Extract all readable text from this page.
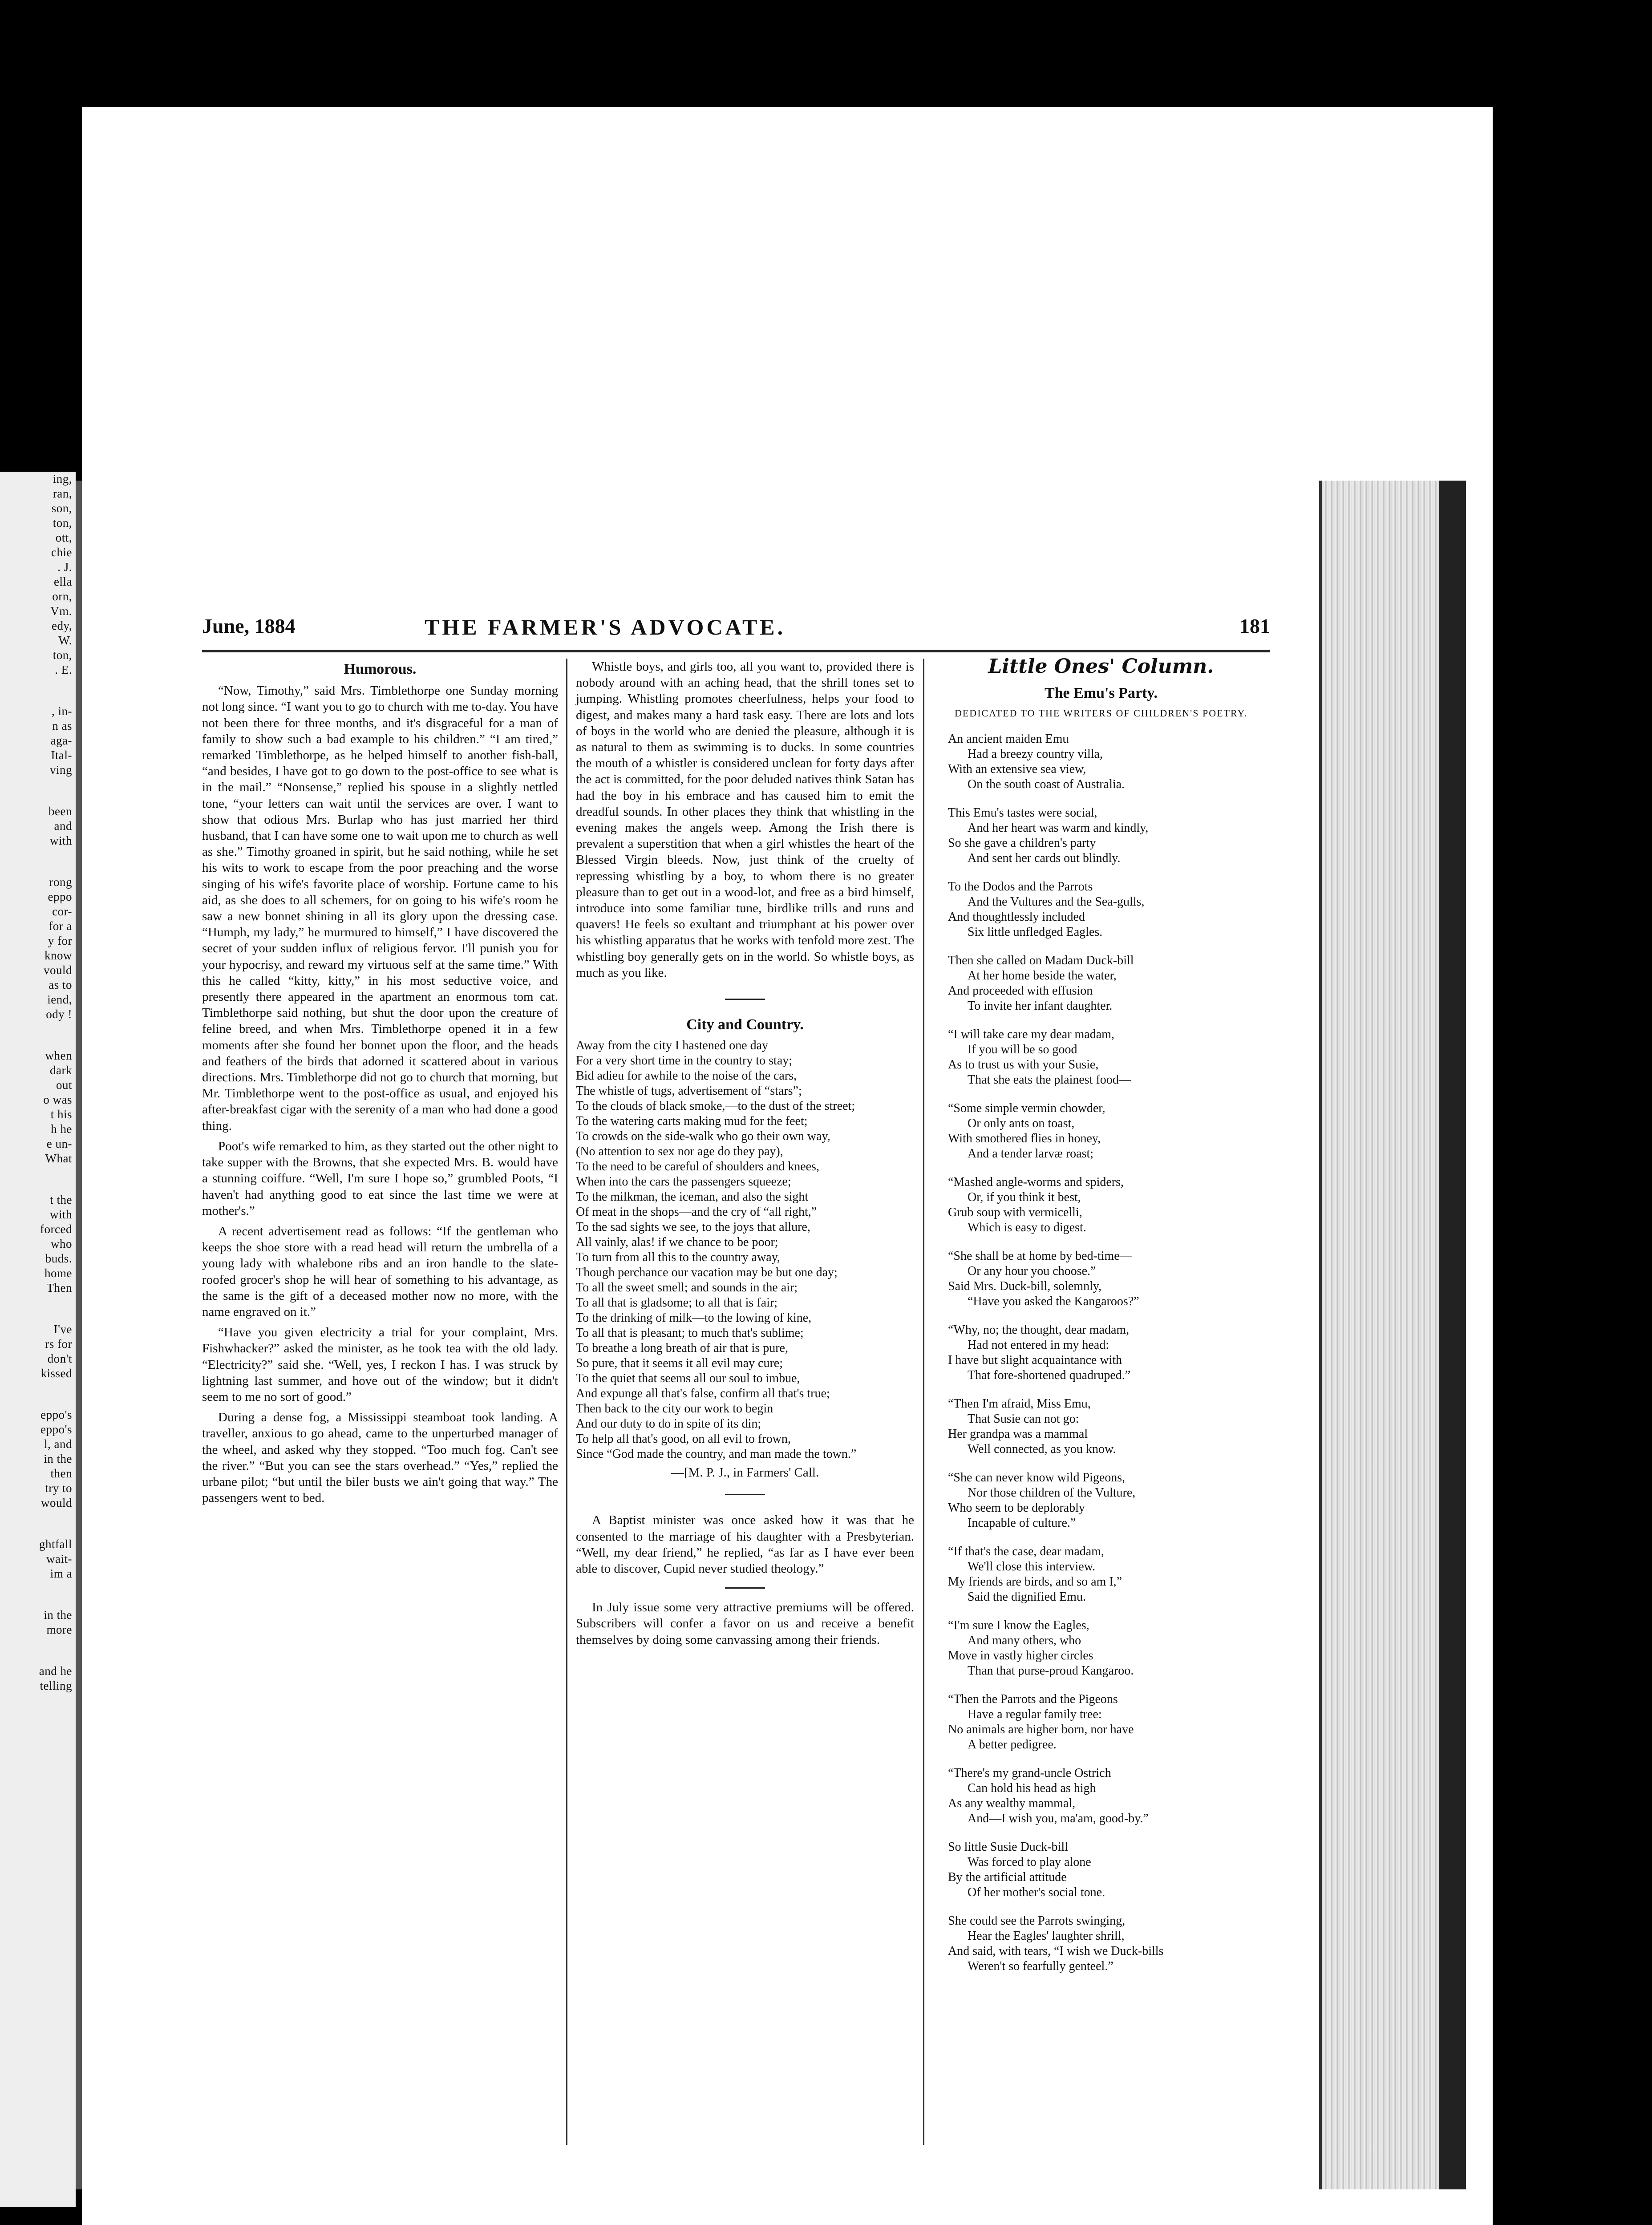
ing,
ran,
son,
ton,
ott,
chie
. J.
ella
orn,
Vm.
edy,
W.
ton,
. E.
, in-
n as
aga-
Ital-
ving
been
and
with
rong
eppo
cor-
for a
y for
know
vould
as to
iend,
ody !
when
dark
out
o was
t his
h he
e un-
What
t the
with
forced
who
buds.
home
Then
I've
rs for
don't
kissed
eppo's
eppo's
l, and
in the
then
try to
would
ghtfall
wait-
im a
in the
more
and he
telling
June, 1884	THE FARMER'S ADVOCATE.	181
Humorous.

“Now, Timothy,” said Mrs. Timblethorpe one Sunday morning not long since. “I want you to go to church with me to-day. You have not been there for three months, and it's disgraceful for a man of family to show such a bad example to his children.” “I am tired,” remarked Timblethorpe, as he helped himself to another fish-ball, “and besides, I have got to go down to the post-office to see what is in the mail.” “Nonsense,” replied his spouse in a slightly nettled tone, “your letters can wait until the services are over. I want to show that odious Mrs. Burlap who has just married her third husband, that I can have some one to wait upon me to church as well as she.” Timothy groaned in spirit, but he said nothing, while he set his wits to work to escape from the poor preaching and the worse singing of his wife's favorite place of worship. Fortune came to his aid, as she does to all schemers, for on going to his wife's room he saw a new bonnet shining in all its glory upon the dressing case. “Humph, my lady,” he murmured to himself,” I have discovered the secret of your sudden influx of religious fervor. I'll punish you for your hypocrisy, and reward my virtuous self at the same time.” With this he called “kitty, kitty,” in his most seductive voice, and presently there appeared in the apartment an enormous tom cat. Timblethorpe said nothing, but shut the door upon the creature of feline breed, and when Mrs. Timblethorpe opened it in a few moments after she found her bonnet upon the floor, and the heads and feathers of the birds that adorned it scattered about in various directions. Mrs. Timblethorpe did not go to church that morning, but Mr. Timblethorpe went to the post-office as usual, and enjoyed his after-breakfast cigar with the serenity of a man who had done a good thing.

Poot's wife remarked to him, as they started out the other night to take supper with the Browns, that she expected Mrs. B. would have a stunning coiffure. “Well, I'm sure I hope so,” grumbled Poots, “I haven't had anything good to eat since the last time we were at mother's.”

A recent advertisement read as follows: “If the gentleman who keeps the shoe store with a read head will return the umbrella of a young lady with whalebone ribs and an iron handle to the slate-roofed grocer's shop he will hear of something to his advantage, as the same is the gift of a deceased mother now no more, with the name engraved on it.”

“Have you given electricity a trial for your complaint, Mrs. Fishwhacker?” asked the minister, as he took tea with the old lady. “Electricity?” said she. “Well, yes, I reckon I has. I was struck by lightning last summer, and hove out of the window; but it didn't seem to me no sort of good.”

During a dense fog, a Mississippi steamboat took landing. A traveller, anxious to go ahead, came to the unperturbed manager of the wheel, and asked why they stopped. “Too much fog. Can't see the river.” “But you can see the stars overhead.” “Yes,” replied the urbane pilot; “but until the biler busts we ain't going that way.” The passengers went to bed.

Whistle boys, and girls too, all you want to, provided there is nobody around with an aching head, that the shrill tones set to jumping. Whistling promotes cheerfulness, helps your food to digest, and makes many a hard task easy. There are lots and lots of boys in the world who are denied the pleasure, although it is as natural to them as swimming is to ducks. In some countries the mouth of a whistler is considered unclean for forty days after the act is committed, for the poor deluded natives think Satan has had the boy in his embrace and has caused him to emit the dreadful sounds. In other places they think that whistling in the evening makes the angels weep. Among the Irish there is prevalent a superstition that when a girl whistles the heart of the Blessed Virgin bleeds. Now, just think of the cruelty of repressing whistling by a boy, to whom there is no greater pleasure than to get out in a wood-lot, and free as a bird himself, introduce into some familiar tune, birdlike trills and runs and quavers! He feels so exultant and triumphant at his power over his whistling apparatus that he works with tenfold more zest. The whistling boy generally gets on in the world. So whistle boys, as much as you like.

City and Country.
Away from the city I hastened one day
For a very short time in the country to stay;
Bid adieu for awhile to the noise of the cars,
The whistle of tugs, advertisement of “stars”;
To the clouds of black smoke,—to the dust of the street;
To the watering carts making mud for the feet;
To crowds on the side-walk who go their own way,
(No attention to sex nor age do they pay),
To the need to be careful of shoulders and knees,
When into the cars the passengers squeeze;
To the milkman, the iceman, and also the sight
Of meat in the shops—and the cry of “all right,”
To the sad sights we see, to the joys that allure,
All vainly, alas! if we chance to be poor;
To turn from all this to the country away,
Though perchance our vacation may be but one day;
To all the sweet smell; and sounds in the air;
To all that is gladsome; to all that is fair;
To the drinking of milk—to the lowing of kine,
To all that is pleasant; to much that's sublime;
To breathe a long breath of air that is pure,
So pure, that it seems it all evil may cure;
To the quiet that seems all our soul to imbue,
And expunge all that's false, confirm all that's true;
Then back to the city our work to begin
And our duty to do in spite of its din;
To help all that's good, on all evil to frown,
Since “God made the country, and man made the town.”
—[M. P. J., in Farmers' Call.

A Baptist minister was once asked how it was that he consented to the marriage of his daughter with a Presbyterian. “Well, my dear friend,” he replied, “as far as I have ever been able to discover, Cupid never studied theology.”

In July issue some very attractive premiums will be offered. Subscribers will confer a favor on us and receive a benefit themselves by doing some canvassing among their friends.

Little Ones' Column.
The Emu's Party.
DEDICATED TO THE WRITERS OF CHILDREN'S POETRY.
An ancient maiden Emu
Had a breezy country villa,
With an extensive sea view,
On the south coast of Australia.
This Emu's tastes were social,
And her heart was warm and kindly,
So she gave a children's party
And sent her cards out blindly.
To the Dodos and the Parrots
And the Vultures and the Sea-gulls,
And thoughtlessly included
Six little unfledged Eagles.
Then she called on Madam Duck-bill
At her home beside the water,
And proceeded with effusion
To invite her infant daughter.
“I will take care my dear madam,
If you will be so good
As to trust us with your Susie,
That she eats the plainest food—
“Some simple vermin chowder,
Or only ants on toast,
With smothered flies in honey,
And a tender larvæ roast;
“Mashed angle-worms and spiders,
Or, if you think it best,
Grub soup with vermicelli,
Which is easy to digest.
“She shall be at home by bed-time—
Or any hour you choose.”
Said Mrs. Duck-bill, solemnly,
“Have you asked the Kangaroos?”
“Why, no; the thought, dear madam,
Had not entered in my head:
I have but slight acquaintance with
That fore-shortened quadruped.”
“Then I'm afraid, Miss Emu,
That Susie can not go:
Her grandpa was a mammal
Well connected, as you know.
“She can never know wild Pigeons,
Nor those children of the Vulture,
Who seem to be deplorably
Incapable of culture.”
“If that's the case, dear madam,
We'll close this interview.
My friends are birds, and so am I,”
Said the dignified Emu.
“I'm sure I know the Eagles,
And many others, who
Move in vastly higher circles
Than that purse-proud Kangaroo.
“Then the Parrots and the Pigeons
Have a regular family tree:
No animals are higher born, nor have
A better pedigree.
“There's my grand-uncle Ostrich
Can hold his head as high
As any wealthy mammal,
And—I wish you, ma'am, good-by.”
So little Susie Duck-bill
Was forced to play alone
By the artificial attitude
Of her mother's social tone.
She could see the Parrots swinging,
Hear the Eagles' laughter shrill,
And said, with tears, “I wish we Duck-bills
Weren't so fearfully genteel.”
